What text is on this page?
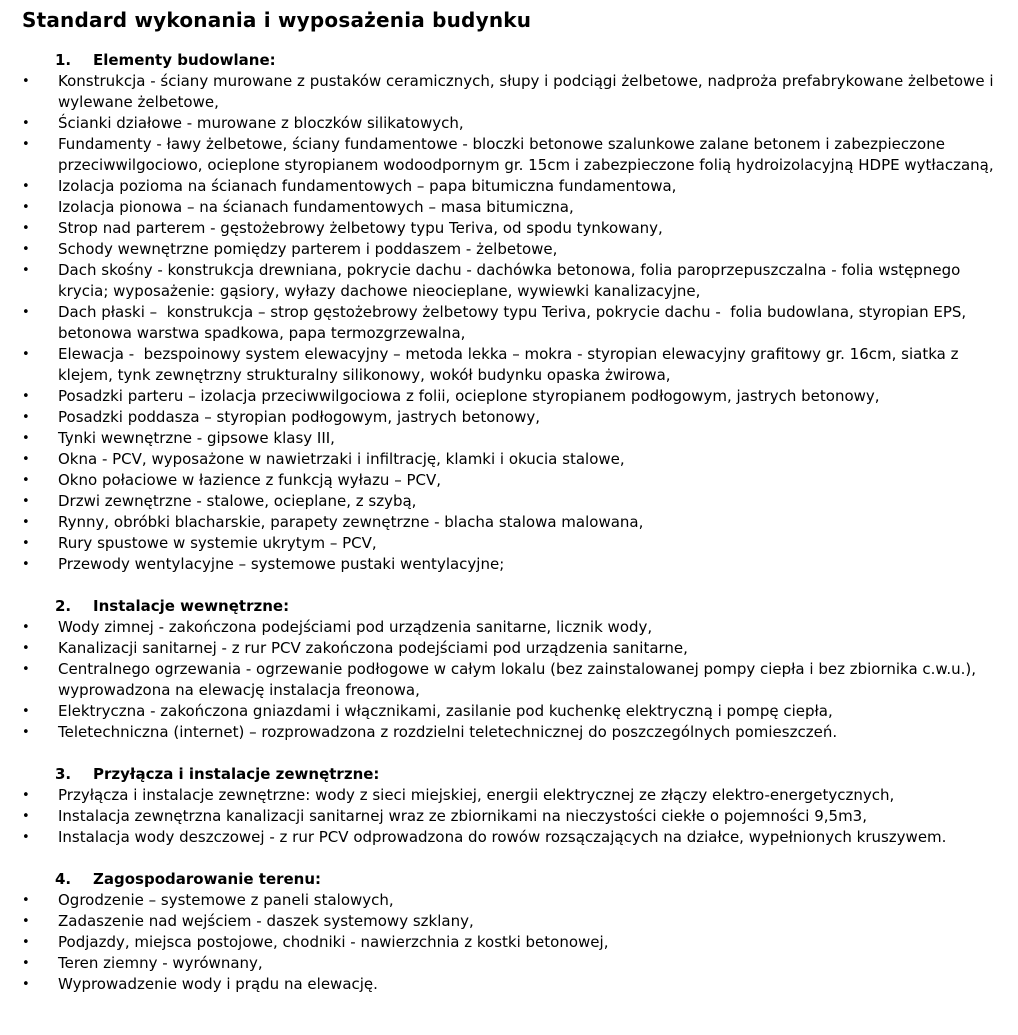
Standard wykonania i wyposażenia budynku
1.	Elementy budowlane:
•	Konstrukcja - ściany murowane z pustaków ceramicznych, słupy i podciągi żelbetowe, nadproża prefabrykowane żelbetowe i wylewane żelbetowe,
•	Ścianki działowe - murowane z bloczków silikatowych,
•	Fundamenty - ławy żelbetowe, ściany fundamentowe - bloczki betonowe szalunkowe zalane betonem i zabezpieczone przeciwwilgociowo, ocieplone styropianem wodoodpornym gr. 15cm i zabezpieczone folią hydroizolacyjną HDPE wytłaczaną,
•	Izolacja pozioma na ścianach fundamentowych – papa bitumiczna fundamentowa,
•	Izolacja pionowa – na ścianach fundamentowych – masa bitumiczna,
•	Strop nad parterem - gęstożebrowy żelbetowy typu Teriva, od spodu tynkowany,
•	Schody wewnętrzne pomiędzy parterem i poddaszem - żelbetowe,
•	Dach skośny - konstrukcja drewniana, pokrycie dachu - dachówka betonowa, folia paroprzepuszczalna - folia wstępnego krycia; wyposażenie: gąsiory, wyłazy dachowe nieocieplane, wywiewki kanalizacyjne,
•	Dach płaski –  konstrukcja – strop gęstożebrowy żelbetowy typu Teriva, pokrycie dachu -  folia budowlana, styropian EPS, betonowa warstwa spadkowa, papa termozgrzewalna,
•	Elewacja -  bezspoinowy system elewacyjny – metoda lekka – mokra - styropian elewacyjny grafitowy gr. 16cm, siatka z klejem, tynk zewnętrzny strukturalny silikonowy, wokół budynku opaska żwirowa,
•	Posadzki parteru – izolacja przeciwwilgociowa z folii, ocieplone styropianem podłogowym, jastrych betonowy,
•	Posadzki poddasza – styropian podłogowym, jastrych betonowy,
•	Tynki wewnętrzne - gipsowe klasy III,
•	Okna - PCV, wyposażone w nawietrzaki i infiltrację, klamki i okucia stalowe,
•	Okno połaciowe w łazience z funkcją wyłazu – PCV,
•	Drzwi zewnętrzne - stalowe, ocieplane, z szybą,
•	Rynny, obróbki blacharskie, parapety zewnętrzne - blacha stalowa malowana,
•	Rury spustowe w systemie ukrytym – PCV,
•	Przewody wentylacyjne – systemowe pustaki wentylacyjne;
2.	Instalacje wewnętrzne:
•	Wody zimnej - zakończona podejściami pod urządzenia sanitarne, licznik wody,
•	Kanalizacji sanitarnej - z rur PCV zakończona podejściami pod urządzenia sanitarne,
•	Centralnego ogrzewania - ogrzewanie podłogowe w całym lokalu (bez zainstalowanej pompy ciepła i bez zbiornika c.w.u.), wyprowadzona na elewację instalacja freonowa,
•	Elektryczna - zakończona gniazdami i włącznikami, zasilanie pod kuchenkę elektryczną i pompę ciepła,
•	Teletechniczna (internet) – rozprowadzona z rozdzielni teletechnicznej do poszczególnych pomieszczeń.
3.	Przyłącza i instalacje zewnętrzne:
•	Przyłącza i instalacje zewnętrzne: wody z sieci miejskiej, energii elektrycznej ze złączy elektro-energetycznych,
•	Instalacja zewnętrzna kanalizacji sanitarnej wraz ze zbiornikami na nieczystości ciekłe o pojemności 9,5m3,
•	Instalacja wody deszczowej - z rur PCV odprowadzona do rowów rozsączających na działce, wypełnionych kruszywem.
4.	Zagospodarowanie terenu:
•	Ogrodzenie – systemowe z paneli stalowych,
•	Zadaszenie nad wejściem - daszek systemowy szklany,
•	Podjazdy, miejsca postojowe, chodniki - nawierzchnia z kostki betonowej,
•	Teren ziemny - wyrównany,
•	Wyprowadzenie wody i prądu na elewację.
